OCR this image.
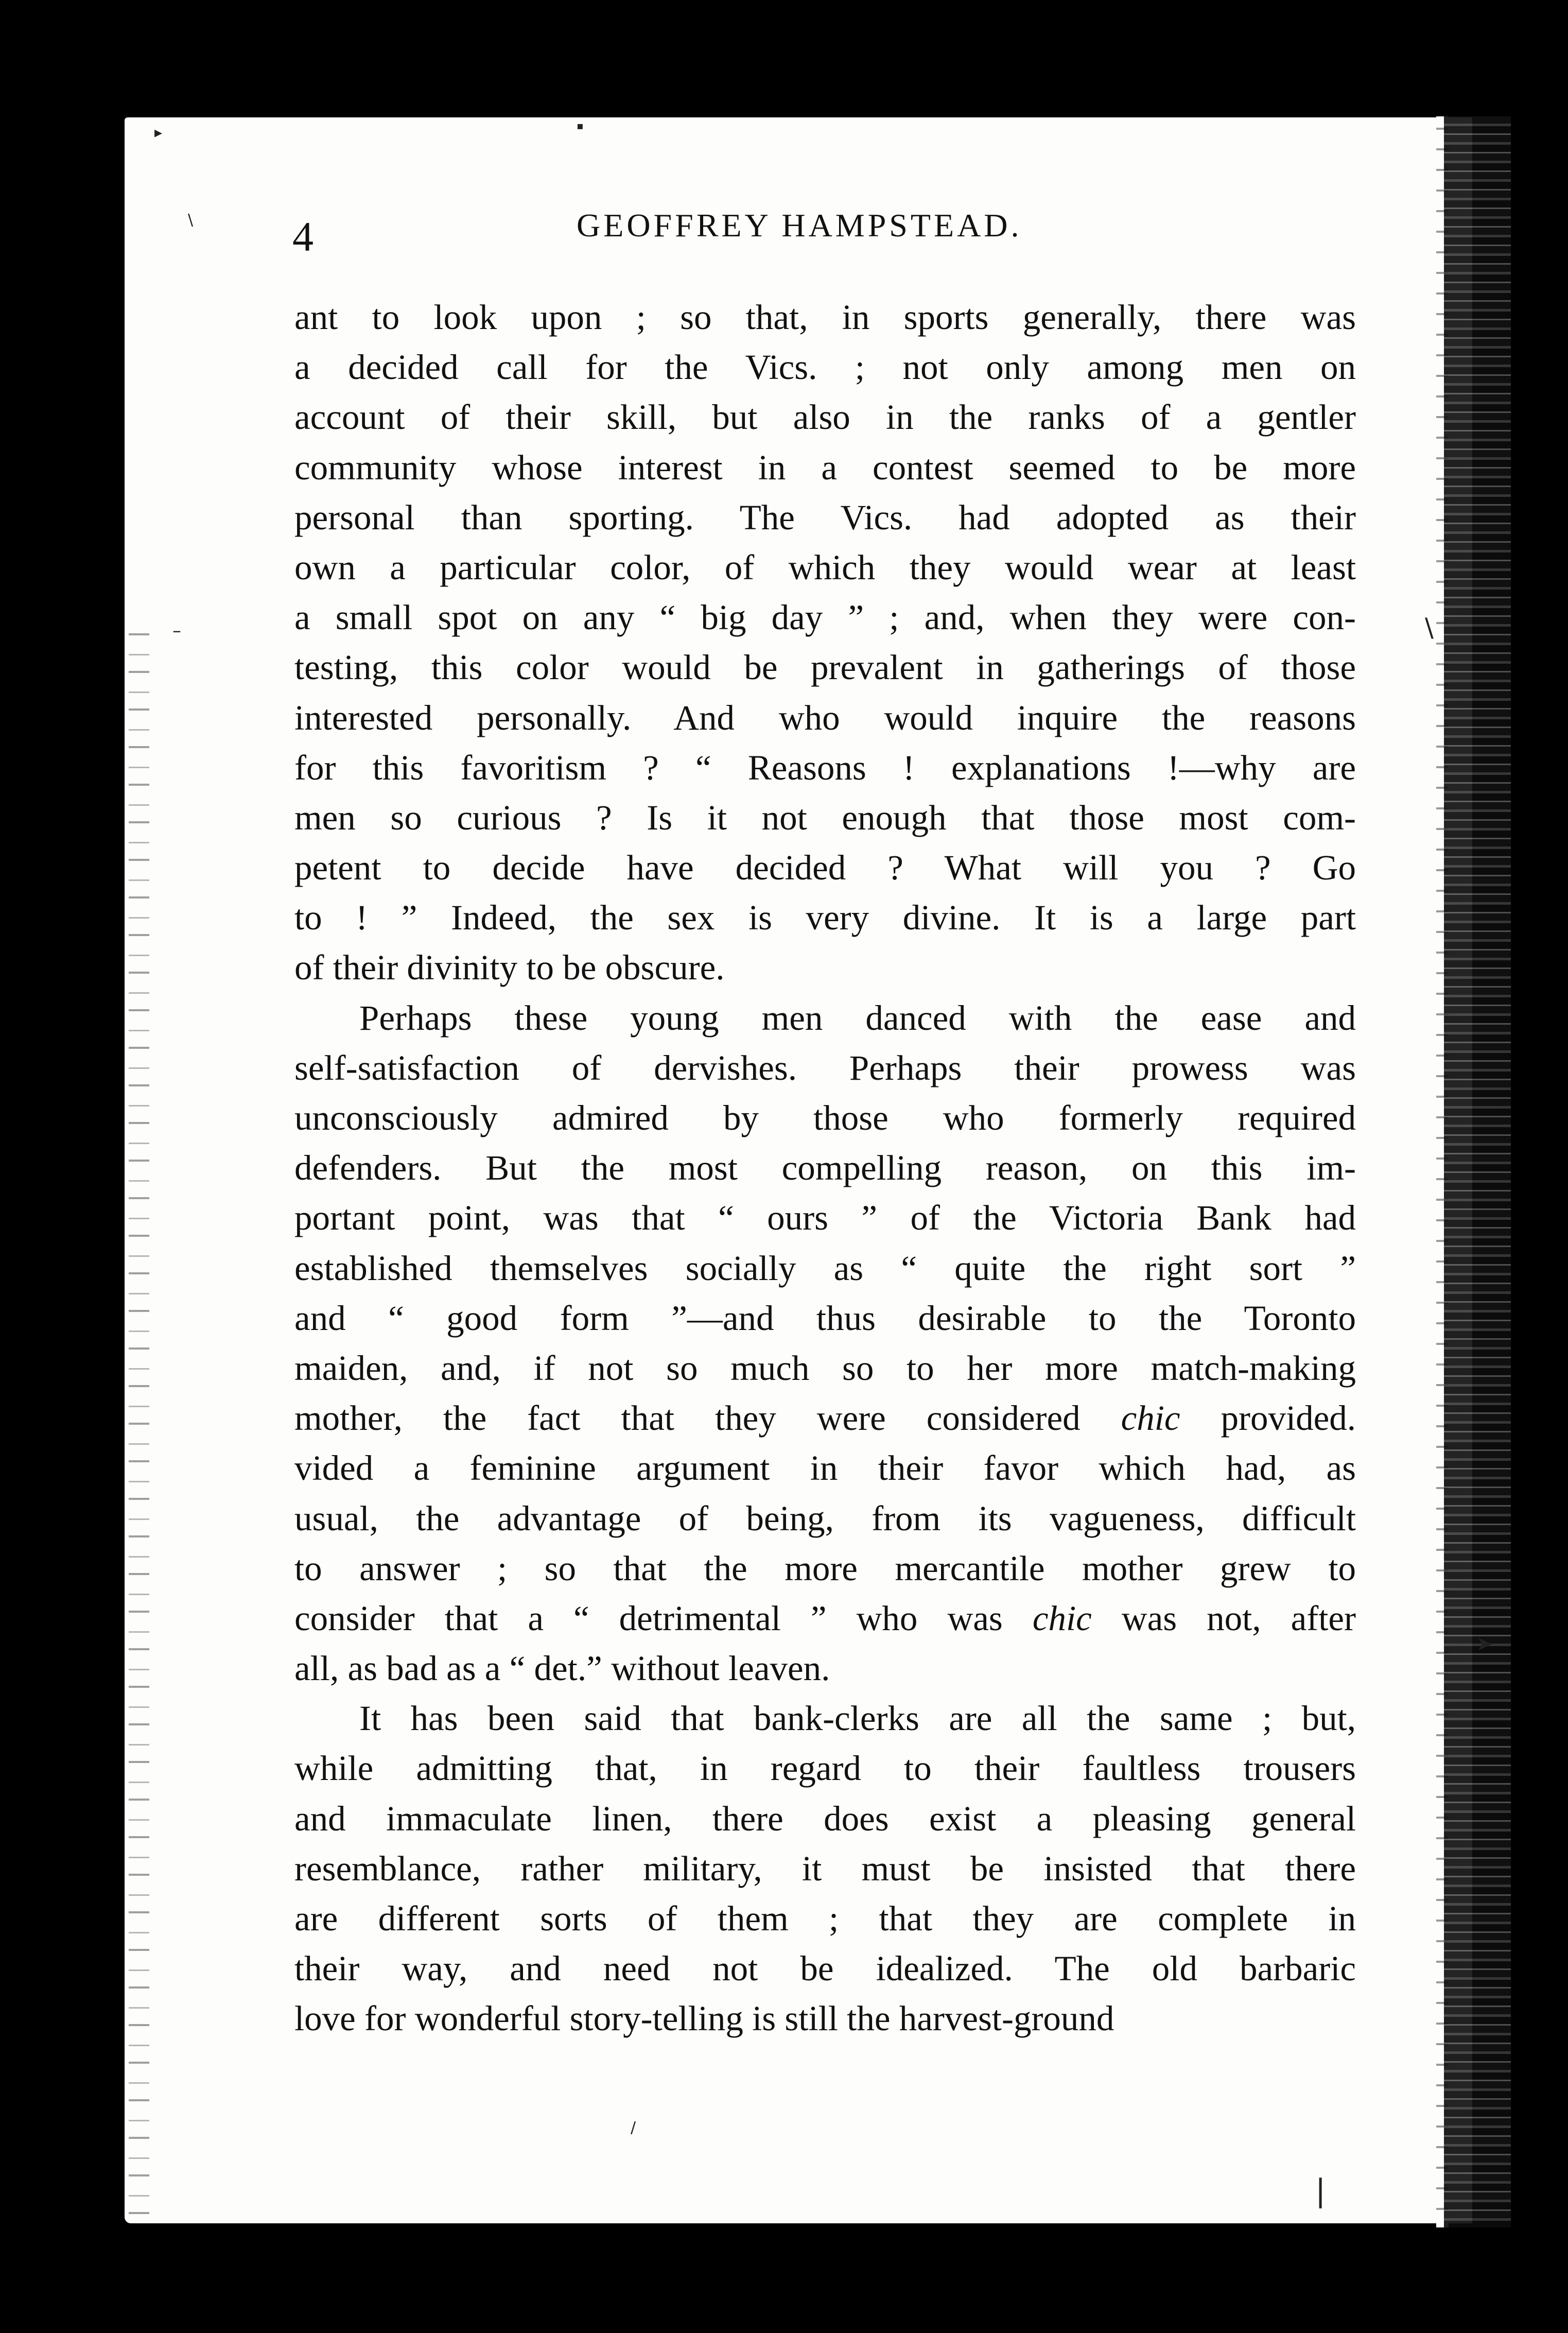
▸	▪
\
\
–
➤
/
|
4	GEOFFREY HAMPSTEAD.
ant to look upon ; so that, in sports generally, there was
a decided call for the Vics. ; not only among men on
account of their skill, but also in the ranks of a gentler
community whose interest in a contest seemed to be more
personal than sporting. The Vics. had adopted as their
own a particular color, of which they would wear at least
a small spot on any “ big day ” ; and, when they were con-
testing, this color would be prevalent in gatherings of those
interested personally. And who would inquire the reasons
for this favoritism ? “ Reasons ! explanations !—why are
men so curious ? Is it not enough that those most com-
petent to decide have decided ? What will you ? Go
to ! ” Indeed, the sex is very divine. It is a large part
of their divinity to be obscure.
Perhaps these young men danced with the ease and
self-satisfaction of dervishes. Perhaps their prowess was
unconsciously admired by those who formerly required
defenders. But the most compelling reason, on this im-
portant point, was that “ ours ” of the Victoria Bank had
established themselves socially as “ quite the right sort ”
and “ good form ”—and thus desirable to the Toronto
maiden, and, if not so much so to her more match-making
mother, the fact that they were considered chic provided.
vided a feminine argument in their favor which had, as
usual, the advantage of being, from its vagueness, difficult
to answer ; so that the more mercantile mother grew to
consider that a “ detrimental ” who was chic was not, after
all, as bad as a “ det.” without leaven.
It has been said that bank-clerks are all the same ; but,
while admitting that, in regard to their faultless trousers
and immaculate linen, there does exist a pleasing general
resemblance, rather military, it must be insisted that there
are different sorts of them ; that they are complete in
their way, and need not be idealized. The old barbaric
love for wonderful story-telling is still the harvest-ground
